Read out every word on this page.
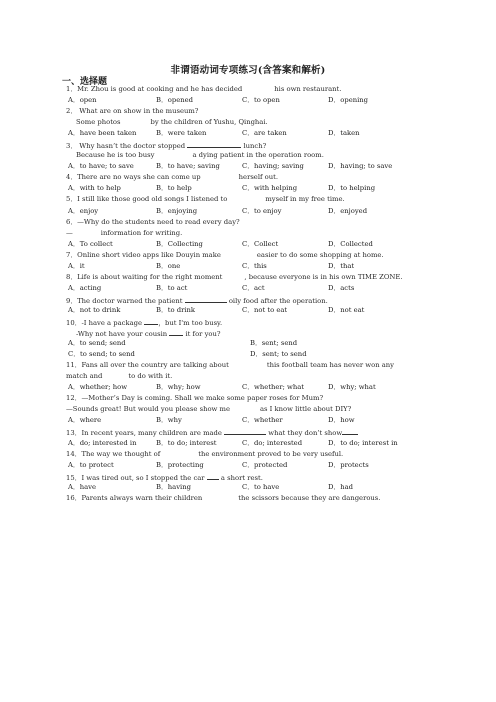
非谓语动词专项练习(含答案和解析)
一、选择题
1．Mr. Zhou is good at cooking and he has decided	his own restaurant.
A．open	B．opened	C．to open	D．opening
2． What are on show in the museum?
Some photos	by the children of Yushu, Qinghai.
A．have been taken	B．were taken	C．are taken	D．taken
3． Why hasn’t the doctor stopped	lunch?
Because he is too busy	a dying patient in the operation room.
A．to have; to save	B．to have; saving	C．having; saving	D．having; to save
4．There are no ways she can come up	herself out.
A．with to help	B．to help	C．with helping	D．to helping
5．I still like those good old songs I listened to	myself in my free time.
A．enjoy	B．enjoying	C．to enjoy	D．enjoyed
6．—Why do the students need to read every day?
—	information for writing.
A．To collect	B．Collecting	C．Collect	D．Collected
7．Online short video apps like Douyin make	easier to do some shopping at home.
A．it	B．one	C．this	D．that
8．Life is about waiting for the right moment	, because everyone is in his own TIME ZONE.
A．acting	B．to act	C．act	D．acts
9．The doctor warned the patient	oily food after the operation.
A．not to drink	B．to drink	C．not to eat	D．not eat
10．-I have a package ，but I'm too busy.
-Why not have your cousin	it for you?
A．to send; send	B．sent; send
C．to send; to send	D．sent; to send
11．Fans all over the country are talking about	this football team has never won any
match and	to do with it.
A．whether; how	B．why; how	C．whether; what	D．why; what
12．—Mother’s Day is coming. Shall we make some paper roses for Mum?
—Sounds great! But would you please show me	as I know little about DIY?
A．where	B．why	C．whether	D．how
13．In recent years, many children are made	what they don’t show
A．do; interested in	B．to do; interest	C．do; interested	D．to do; interest in
14．The way we thought of	the environment proved to be very useful.
A．to protect	B．protecting	C．protected	D．protects
15．I was tired out, so I stopped the car a short rest.
A．have	B．having	C．to have	D．had
16．Parents always warn their children	the scissors because they are dangerous.
